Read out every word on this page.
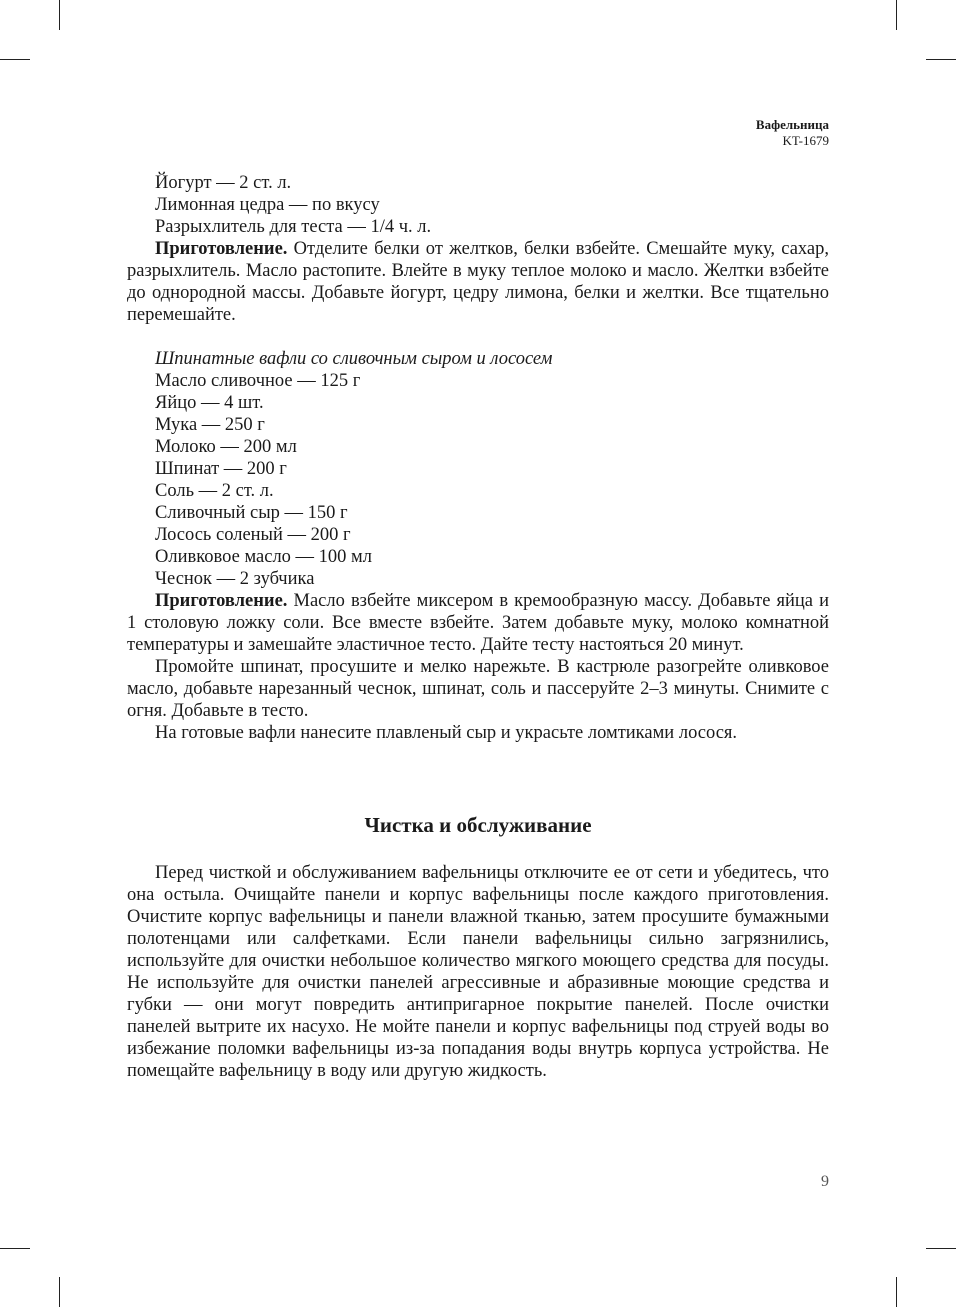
Вафельница
KT-1679

Йогурт — 2 ст. л.

Лимонная цедра — по вкусу

Разрыхлитель для теста — 1/4 ч. л.

Приготовление. Отделите белки от желтков, белки взбейте. Смешайте муку, сахар, разрыхлитель. Масло растопите. Влейте в муку теплое молоко и масло. Желтки взбейте до однородной массы. Добавьте йогурт, цедру лимона, белки и желтки. Все тщательно перемешайте.

Шпинатные вафли со сливочным сыром и лососем

Масло сливочное — 125 г

Яйцо — 4 шт.

Мука — 250 г

Молоко — 200 мл

Шпинат — 200 г

Соль — 2 ст. л.

Сливочный сыр — 150 г

Лосось соленый — 200 г

Оливковое масло — 100 мл

Чеснок — 2 зубчика

Приготовление. Масло взбейте миксером в кремообразную массу. Добавьте яйца и 1 столовую ложку соли. Все вместе взбейте. Затем добавьте муку, молоко комнатной температуры и замешайте эластичное тесто. Дайте тесту настояться 20 минут.

Промойте шпинат, просушите и мелко нарежьте. В кастрюле разогрейте оливковое масло, добавьте нарезанный чеснок, шпинат, соль и пассеруйте 2–3 минуты. Снимите с огня. Добавьте в тесто.

На готовые вафли нанесите плавленый сыр и украсьте ломтиками лосося.

Чистка и обслуживание

Перед чисткой и обслуживанием вафельницы отключите ее от сети и убедитесь, что она остыла. Очищайте панели и корпус вафельницы после каждого приготовления. Очистите корпус вафельницы и панели влажной тканью, затем просушите бумажными полотенцами или салфетками. Если панели вафельницы сильно загрязнились, используйте для очистки небольшое количество мягкого моющего средства для посуды. Не используйте для очистки панелей агрессивные и абразивные моющие средства и губки — они могут повредить антипригарное покрытие панелей. После очистки панелей вытрите их насухо. Не мойте панели и корпус вафельницы под струей воды во избежание поломки вафельницы из-за попадания воды внутрь корпуса устройства. Не помещайте вафельницу в воду или другую жидкость.

9
